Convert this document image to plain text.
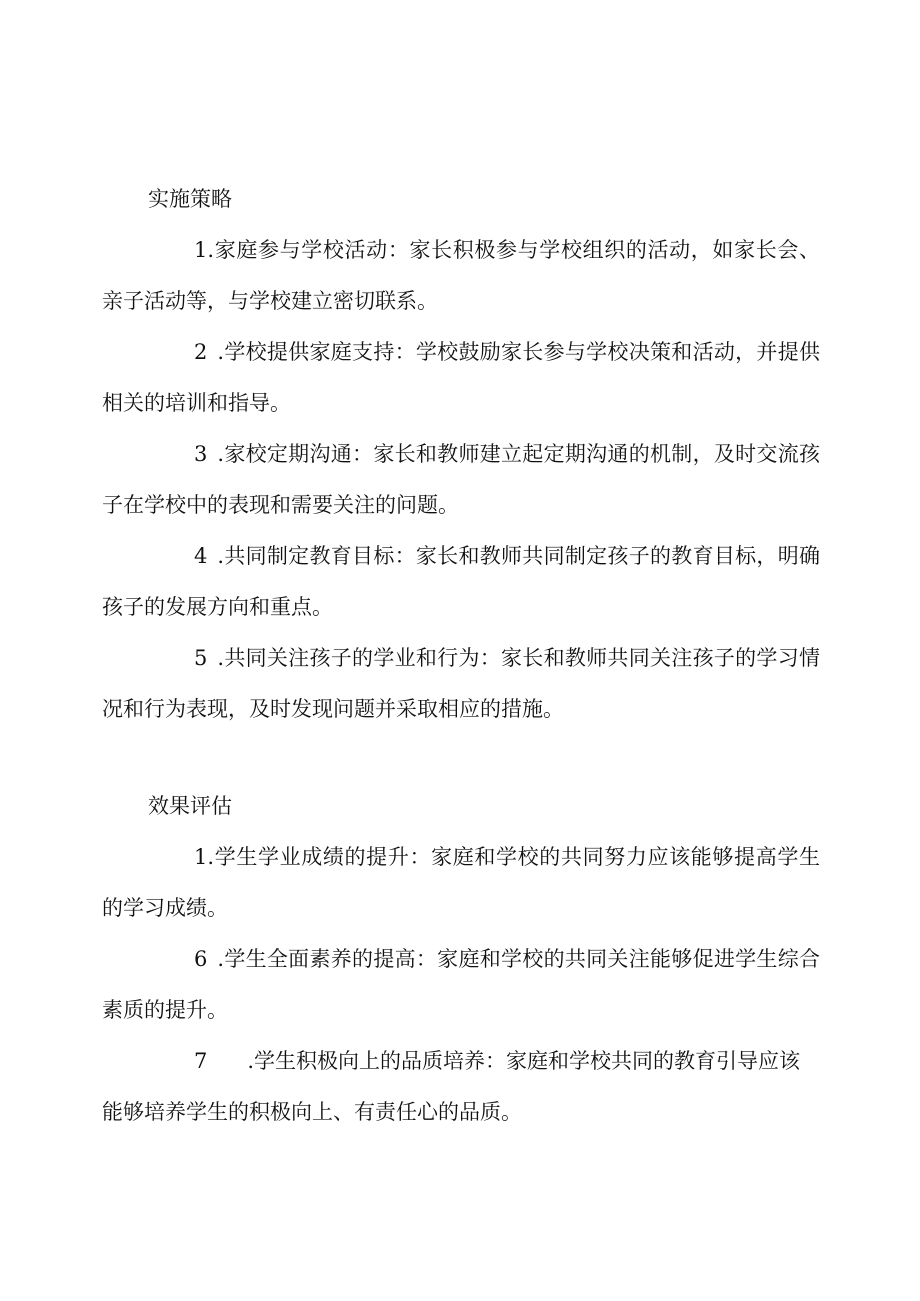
实施策略

1.家庭参与学校活动：家长积极参与学校组织的活动，如家长会、亲子活动等，与学校建立密切联系。

2 .学校提供家庭支持：学校鼓励家长参与学校决策和活动，并提供相关的培训和指导。

3 .家校定期沟通：家长和教师建立起定期沟通的机制，及时交流孩子在学校中的表现和需要关注的问题。

4 .共同制定教育目标：家长和教师共同制定孩子的教育目标，明确孩子的发展方向和重点。

5 .共同关注孩子的学业和行为：家长和教师共同关注孩子的学习情况和行为表现，及时发现问题并采取相应的措施。

效果评估

1.学生学业成绩的提升：家庭和学校的共同努力应该能够提高学生的学习成绩。

6 .学生全面素养的提高：家庭和学校的共同关注能够促进学生综合素质的提升。

7 .学生积极向上的品质培养：家庭和学校共同的教育引导应该

能够培养学生的积极向上、有责任心的品质。
